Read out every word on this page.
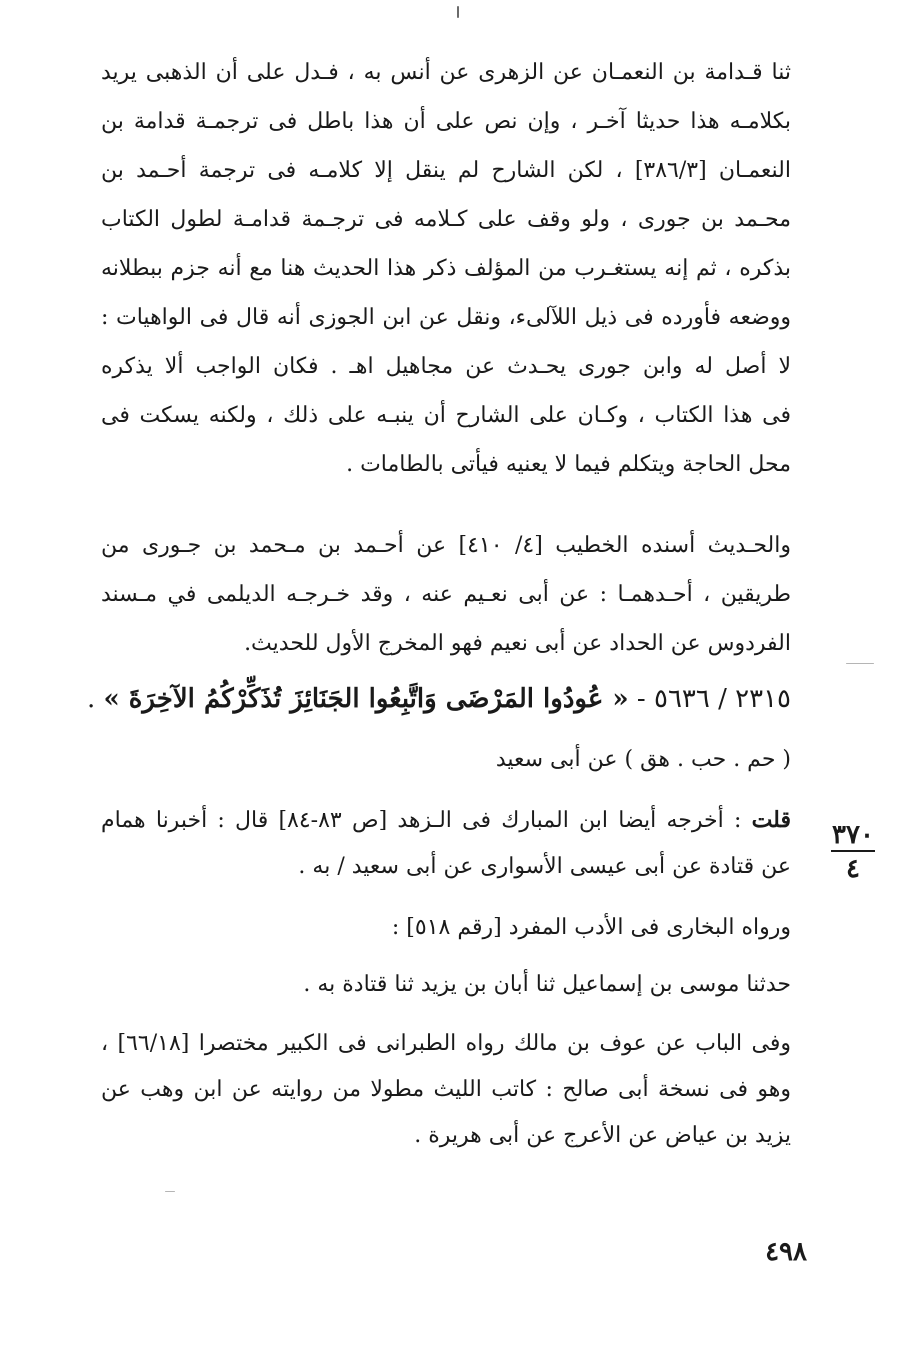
ثنا قـدامة بن النعمـان عن الزهرى عن أنس به ، فـدل على أن الذهبى يريد
بكلامـه هذا حديثا آخـر ، وإن نص على أن هذا باطل فى ترجمـة قدامة بن
النعمـان [٣٨٦/٣] ، لكن الشارح لم ينقل إلا كلامـه فى ترجمة أحـمد بن
محـمد بن جورى ، ولو وقف على كـلامه فى ترجـمة قدامـة لطول الكتاب
بذكره ، ثم إنه يستغـرب من المؤلف ذكر هذا الحديث هنا مع أنه جزم ببطلانه
ووضعه فأورده فى ذيل اللآلىء، ونقل عن ابن الجوزى أنه قال فى الواهيات :
لا أصل له وابن جورى يحـدث عن مجاهيل اهـ . فكان الواجب ألا يذكره
فى هذا الكتاب ، وكـان على الشارح أن ينبـه على ذلك ، ولكنه يسكت فى
محل الحاجة ويتكلم فيما لا يعنيه فيأتى بالطامات .
والحـديث أسنده الخطيب [٤/ ٤١٠] عن أحـمد بن مـحمد بن جـورى من
طريقين ، أحـدهمـا : عن أبى نعـيم عنه ، وقد خـرجـه الديلمى في مـسند
الفردوس عن الحداد عن أبى نعيم فهو المخرج الأول للحديث.
٢٣١٥ / ٥٦٣٦ - « عُودُوا المَرْضَى وَاتَّبِعُوا الجَنَائِزَ تُذَكِّرْكُمُ الآخِرَةَ » .
( حم . حب . هق ) عن أبى سعيد
قلت : أخرجه أيضا ابن المبارك فى الـزهد [ص ٨٣-٨٤] قال : أخبرنا همام
عن قتادة عن أبى عيسى الأسوارى عن أبى سعيد / به .
ورواه البخارى فى الأدب المفرد [رقم ٥١٨] :
حدثنا موسى بن إسماعيل ثنا أبان بن يزيد ثنا قتادة به .
وفى الباب عن عوف بن مالك رواه الطبرانى فى الكبير مختصرا [٦٦/١٨] ،
وهو فى نسخة أبى صالح : كاتب الليث مطولا من روايته عن ابن وهب عن
يزيد بن عياض عن الأعرج عن أبى هريرة .
٣٧٠
٤
٤٩٨
